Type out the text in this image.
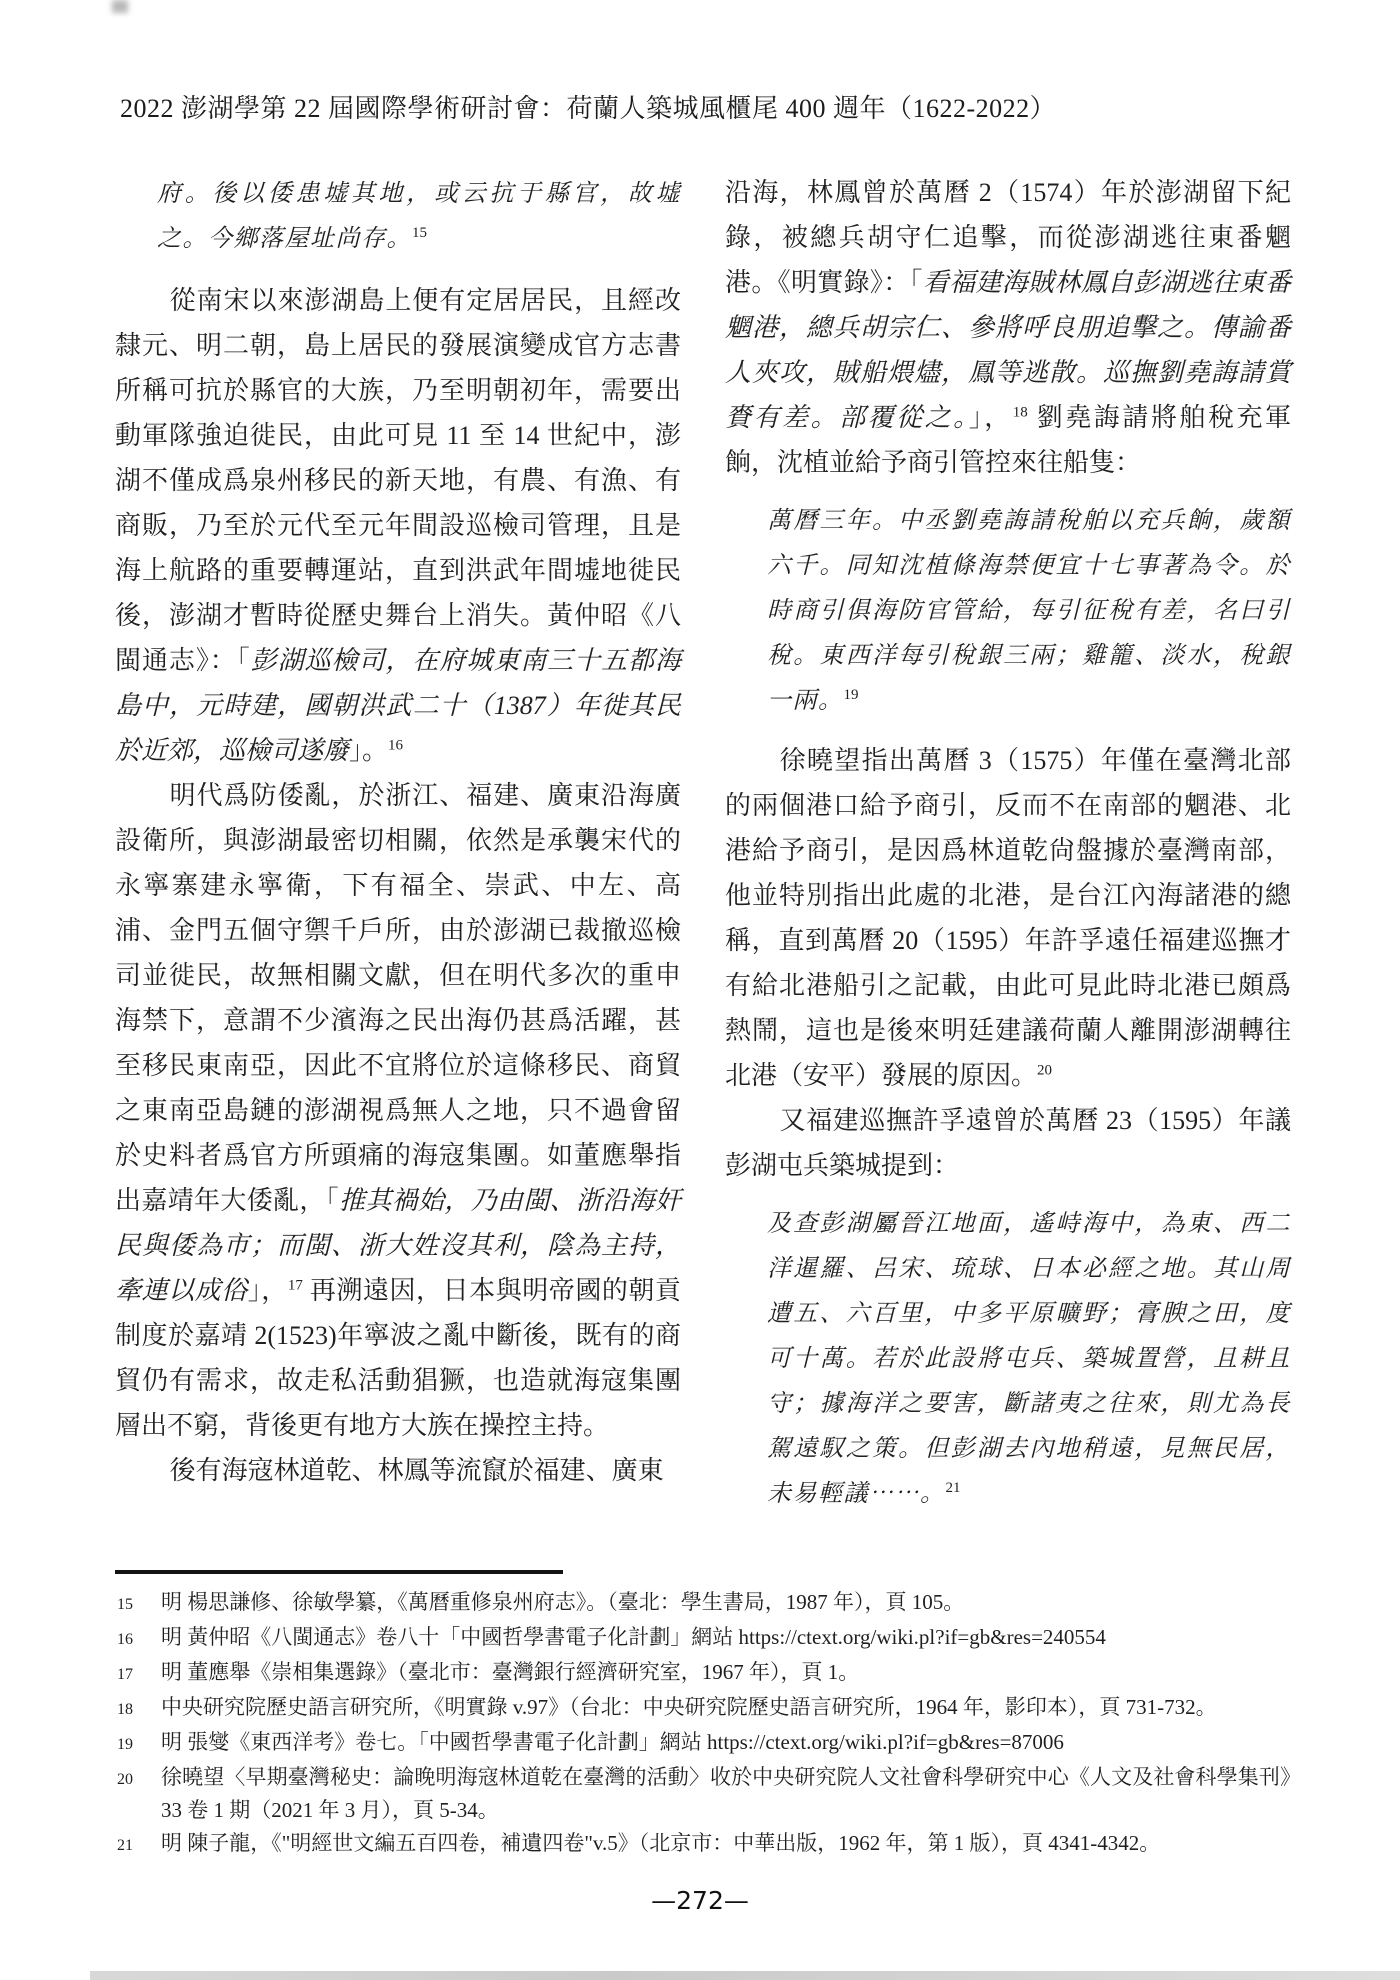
2022 澎湖學第 22 屆國際學術研討會：荷蘭人築城風櫃尾 400 週年（1622-2022）
府。後以倭患墟其地，或云抗于縣官，故墟之。今鄉落屋址尚存。$^{15}$

從南宋以來澎湖島上便有定居居民，且經改隸元、明二朝，島上居民的發展演變成官方志書所稱可抗於縣官的大族，乃至明朝初年，需要出動軍隊強迫徙民，由此可見 11 至 14 世紀中，澎湖不僅成爲泉州移民的新天地，有農、有漁、有商販，乃至於元代至元年間設巡檢司管理，且是海上航路的重要轉運站，直到洪武年間墟地徙民後，澎湖才暫時從歷史舞台上消失。黃仲昭《八閩通志》：「彭湖巡檢司，在府城東南三十五都海島中，元時建，國朝洪武二十（1387）年徙其民於近郊，巡檢司遂廢」。$^{16}$

明代爲防倭亂，於浙江、福建、廣東沿海廣設衛所，與澎湖最密切相關，依然是承襲宋代的永寧寨建永寧衛，下有福全、崇武、中左、高浦、金門五個守禦千戶所，由於澎湖已裁撤巡檢司並徙民，故無相關文獻，但在明代多次的重申海禁下，意謂不少濱海之民出海仍甚爲活躍，甚至移民東南亞，因此不宜將位於這條移民、商貿之東南亞島鏈的澎湖視爲無人之地，只不過會留於史料者爲官方所頭痛的海寇集團。如董應舉指出嘉靖年大倭亂，「推其禍始，乃由閩、浙沿海奸民與倭為市；而閩、浙大姓沒其利，陰為主持，牽連以成俗」，$^{17}$ 再溯遠因，日本與明帝國的朝貢制度於嘉靖 2(1523)年寧波之亂中斷後，既有的商貿仍有需求，故走私活動猖獗，也造就海寇集團層出不窮，背後更有地方大族在操控主持。

後有海寇林道乾、林鳳等流竄於福建、廣東

沿海，林鳳曾於萬曆 2（1574）年於澎湖留下紀錄，被總兵胡守仁追擊，而從澎湖逃往東番魍港。《明實錄》：「看福建海賊林鳳自彭湖逃往東番魍港，總兵胡宗仁、參將呼良朋追擊之。傳諭番人夾攻，賊船煨燼，鳳等逃散。巡撫劉堯誨請賞賚有差。部覆從之。」，$^{18}$ 劉堯誨請將舶稅充軍餉，沈植並給予商引管控來往船隻：

萬曆三年。中丞劉堯誨請稅舶以充兵餉，歲額六千。同知沈植條海禁便宜十七事著為令。於時商引俱海防官管給，每引征稅有差，名曰引稅。東西洋每引稅銀三兩；雞籠、淡水，稅銀一兩。$^{19}$

徐曉望指出萬曆 3（1575）年僅在臺灣北部的兩個港口給予商引，反而不在南部的魍港、北港給予商引，是因爲林道乾尙盤據於臺灣南部，他並特別指出此處的北港，是台江內海諸港的總稱，直到萬曆 20（1595）年許孚遠任福建巡撫才有給北港船引之記載，由此可見此時北港已頗爲熱鬧，這也是後來明廷建議荷蘭人離開澎湖轉往北港（安平）發展的原因。$^{20}$

又福建巡撫許孚遠曾於萬曆 23（1595）年議彭湖屯兵築城提到：

及查彭湖屬晉江地面，遙峙海中，為東、西二洋暹羅、呂宋、琉球、日本必經之地。其山周遭五、六百里，中多平原曠野；膏腴之田，度可十萬。若於此設將屯兵、築城置營，且耕且守；據海洋之要害，斷諸夷之往來，則尤為長駕遠馭之策。但彭湖去內地稍遠，見無民居，未易輕議⋯⋯。$^{21}$
15	明 楊思謙修、徐敏學纂，《萬曆重修泉州府志》。（臺北：學生書局，1987 年），頁 105。
16	明 黃仲昭《八閩通志》卷八十「中國哲學書電子化計劃」網站 https://ctext.org/wiki.pl?if=gb&res=240554
17	明 董應舉《崇相集選錄》（臺北市：臺灣銀行經濟研究室，1967 年），頁 1。
18	中央研究院歷史語言研究所，《明實錄 v.97》（台北：中央研究院歷史語言研究所，1964 年，影印本），頁 731-732。
19	明 張燮《東西洋考》卷七。「中國哲學書電子化計劃」網站 https://ctext.org/wiki.pl?if=gb&res=87006
20	徐曉望〈早期臺灣秘史：論晚明海寇林道乾在臺灣的活動〉收於中央研究院人文社會科學研究中心《人文及社會科學集刊》33 卷 1 期（2021 年 3 月），頁 5-34。
21	明 陳子龍，《"明經世文編五百四卷，補遺四卷"v.5》（北京市：中華出版，1962 年，第 1 版），頁 4341-4342。
—272—
